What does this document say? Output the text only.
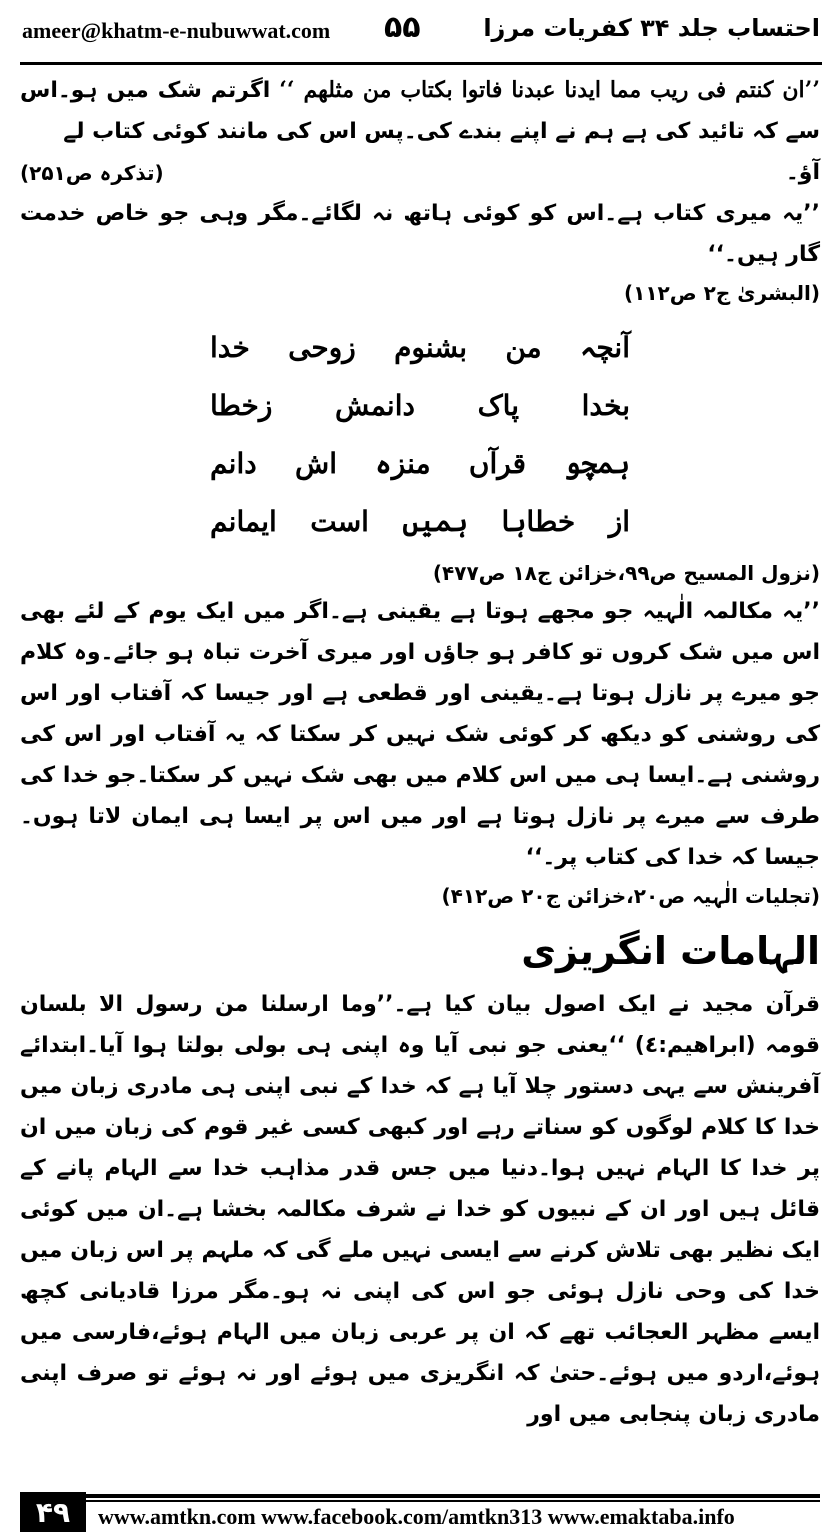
ameer@khatm-e-nubuwwat.com ۵۵	احتساب جلد ۳۴ کفریات مرزا

’’ان کنتم فی ریب مما ایدنا عبدنا فاتوا بکتاب من مثلھم ‘‘ اگرتم شک میں ہو۔اس سے کہ تائید کی ہے ہم نے اپنے بندے کی۔پس اس کی مانند کوئی کتاب لے

آؤ۔
(تذکرہ ص۲۵۱)

’’یہ میری کتاب ہے۔اس کو کوئی ہاتھ نہ لگائے۔مگر وہی جو خاص خدمت گار ہیں۔‘‘

(البشریٰ ج۲ ص۱۱۲)

آنچہ
من
بشنوم
زوحی
خدا
بخدا
پاک
دانمش
زخطا
ہمچو
قرآں
منزہ
اش
دانم
از
خطاہا
ہمیں
است
ایمانم

(نزول المسیح ص۹۹،خزائن ج۱۸ ص۴۷۷)

’’یہ مکالمہ الٰہیہ جو مجھے ہوتا ہے یقینی ہے۔اگر میں ایک یوم کے لئے بھی اس میں شک کروں تو کافر ہو جاؤں اور میری آخرت تباہ ہو جائے۔وہ کلام جو میرے پر نازل ہوتا ہے۔یقینی اور قطعی ہے اور جیسا کہ آفتاب اور اس کی روشنی کو دیکھ کر کوئی شک نہیں کر سکتا کہ یہ آفتاب اور اس کی روشنی ہے۔ایسا ہی میں اس کلام میں بھی شک نہیں کر سکتا۔جو خدا کی طرف سے میرے پر نازل ہوتا ہے اور میں اس پر ایسا ہی ایمان لاتا ہوں۔جیسا کہ خدا کی کتاب پر۔‘‘

(تجلیات الٰہیہ ص۲۰،خزائن ج۲۰ ص۴۱۲)

الہامات انگریزی

قرآن مجید نے ایک اصول بیان کیا ہے۔’’وما ارسلنا من رسول الا بلسان قومہ (ابراھیم:٤) ‘‘یعنی جو نبی آیا وہ اپنی ہی بولی بولتا ہوا آیا۔ابتدائے آفرینش سے یہی دستور چلا آیا ہے کہ خدا کے نبی اپنی ہی مادری زبان میں خدا کا کلام لوگوں کو سناتے رہے اور کبھی کسی غیر قوم کی زبان میں ان پر خدا کا الہام نہیں ہوا۔دنیا میں جس قدر مذاہب خدا سے الہام پانے کے قائل ہیں اور ان کے نبیوں کو خدا نے شرف مکالمہ بخشا ہے۔ان میں کوئی ایک نظیر بھی تلاش کرنے سے ایسی نہیں ملے گی کہ ملہم پر اس زبان میں خدا کی وحی نازل ہوئی جو اس کی اپنی نہ ہو۔مگر مرزا قادیانی کچھ ایسے مظہر العجائب تھے کہ ان پر عربی زبان میں الہام ہوئے،فارسی میں ہوئے،اردو میں ہوئے۔حتیٰ کہ انگریزی میں ہوئے اور نہ ہوئے تو صرف اپنی مادری زبان پنجابی میں اور

۴۹	www.amtkn.com www.facebook.com/amtkn313 www.emaktaba.info
